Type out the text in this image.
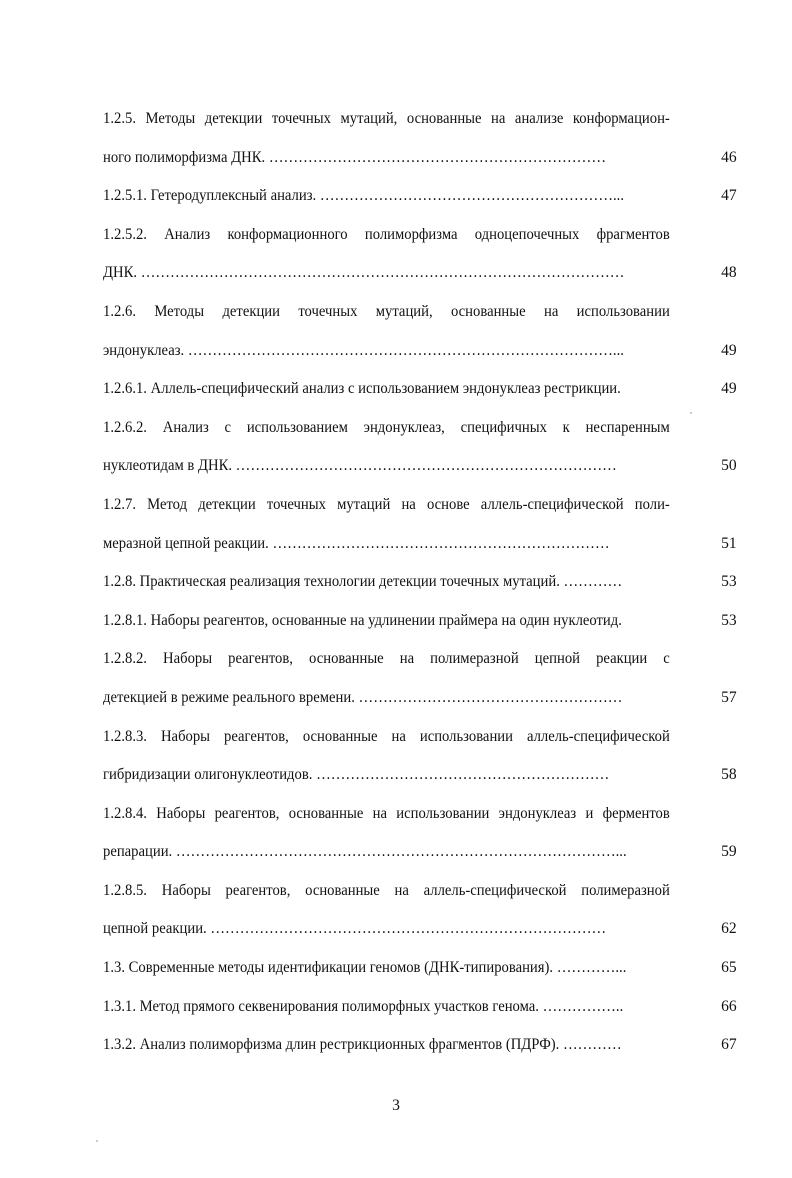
1.2.5. Методы детекции точечных мутаций, основанные на анализе конформацион-
ного полиморфизма ДНК. ……………………………………………………………	46
1.2.5.1. Гетеродуплексный анализ. ……………………………………………………...	47
1.2.5.2. Анализ конформационного полиморфизма одноцепочечных фрагментов
ДНК. ………………………………………………………………………………………	48
1.2.6. Методы детекции точечных мутаций, основанные на использовании
эндонуклеаз. ……………………………………………………………………………...	49
1.2.6.1. Аллель-специфический анализ с использованием эндонуклеаз рестрикции.	49
1.2.6.2. Анализ с использованием эндонуклеаз, специфичных к неспаренным
нуклеотидам в ДНК. ……………………………………………………………………	50
1.2.7. Метод детекции точечных мутаций на основе аллель-специфической поли-
меразной цепной реакции. ……………………………………………………………	51
1.2.8. Практическая реализация технологии детекции точечных мутаций. …………	53
1.2.8.1. Наборы реагентов, основанные на удлинении праймера на один нуклеотид.	53
1.2.8.2. Наборы реагентов, основанные на полимеразной цепной реакции с
детекцией в режиме реального времени. ………………………………………………	57
1.2.8.3. Наборы реагентов, основанные на использовании аллель-специфической
гибридизации олигонуклеотидов. ……………………………………………………	58
1.2.8.4. Наборы реагентов, основанные на использовании эндонуклеаз и ферментов
репарации. ………………………………………………………………………………...	59
1.2.8.5. Наборы реагентов, основанные на аллель-специфической полимеразной
цепной реакции. ………………………………………………………………………	62
1.3. Современные методы идентификации геномов (ДНК-типирования). …………...	65
1.3.1. Метод прямого секвенирования полиморфных участков генома. ……………..	66
1.3.2. Анализ полиморфизма длин рестрикционных фрагментов (ПДРФ). …………	67
3
